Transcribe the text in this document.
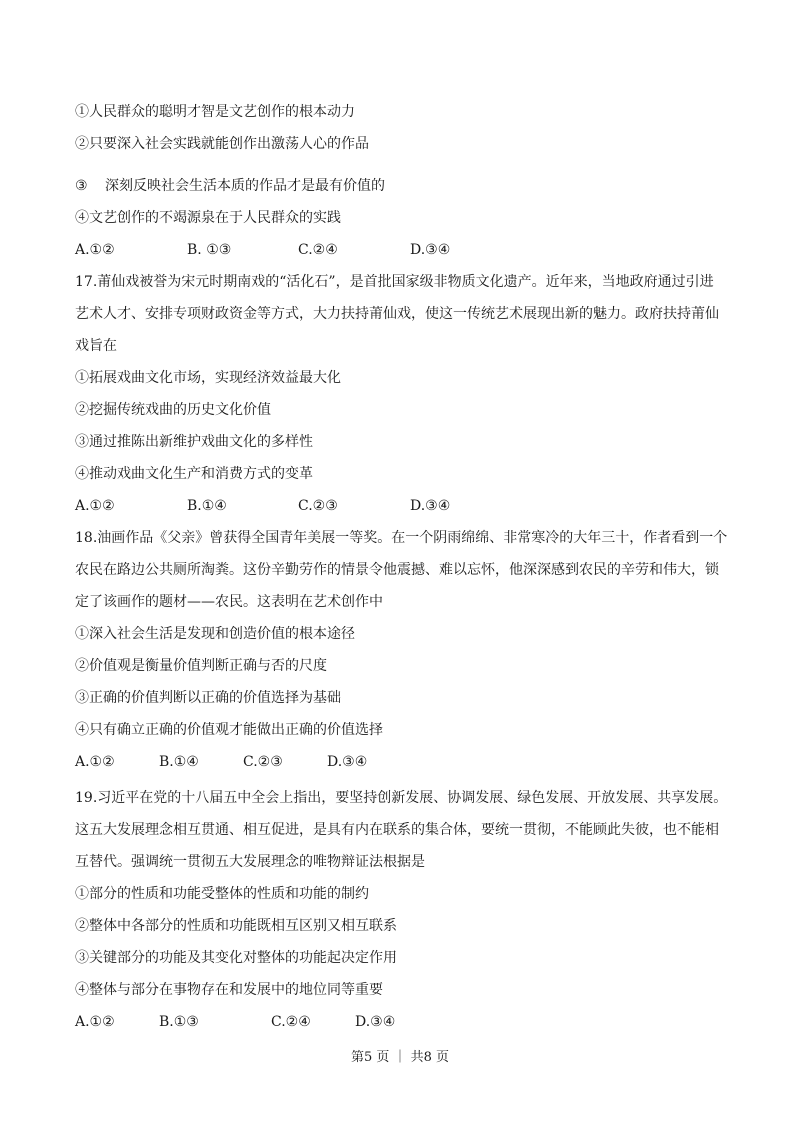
①人民群众的聪明才智是文艺创作的根本动力
②只要深入社会实践就能创作出激荡人心的作品
③ 深刻反映社会生活本质的作品才是最有价值的
④文艺创作的不竭源泉在于人民群众的实践
A.①②	B. ①③	C.②④	D.③④
17.莆仙戏被誉为宋元时期南戏的“活化石”，是首批国家级非物质文化遗产。近年来，当地政府通过引进
艺术人才、安排专项财政资金等方式，大力扶持莆仙戏，使这一传统艺术展现出新的魅力。政府扶持莆仙
戏旨在
①拓展戏曲文化市场，实现经济效益最大化
②挖掘传统戏曲的历史文化价值
③通过推陈出新维护戏曲文化的多样性
④推动戏曲文化生产和消费方式的变革
A.①②	B.①④	C.②③	D.③④
18.油画作品《父亲》曾获得全国青年美展一等奖。在一个阴雨绵绵、非常寒冷的大年三十，作者看到一个
农民在路边公共厕所淘粪。这份辛勤劳作的情景令他震撼、难以忘怀，他深深感到农民的辛劳和伟大，锁
定了该画作的题材——农民。这表明在艺术创作中
①深入社会生活是发现和创造价值的根本途径
②价值观是衡量价值判断正确与否的尺度
③正确的价值判断以正确的价值选择为基础
④只有确立正确的价值观才能做出正确的价值选择
A.①②	B.①④	C.②③	D.③④
19.习近平在党的十八届五中全会上指出，要坚持创新发展、协调发展、绿色发展、开放发展、共享发展。
这五大发展理念相互贯通、相互促进，是具有内在联系的集合体，要统一贯彻，不能顾此失彼，也不能相
互替代。强调统一贯彻五大发展理念的唯物辩证法根据是
①部分的性质和功能受整体的性质和功能的制约
②整体中各部分的性质和功能既相互区别又相互联系
③关键部分的功能及其变化对整体的功能起决定作用
④整体与部分在事物存在和发展中的地位同等重要
A.①②	B.①③	C.②④	D.③④
第5 页 ｜ 共8 页
